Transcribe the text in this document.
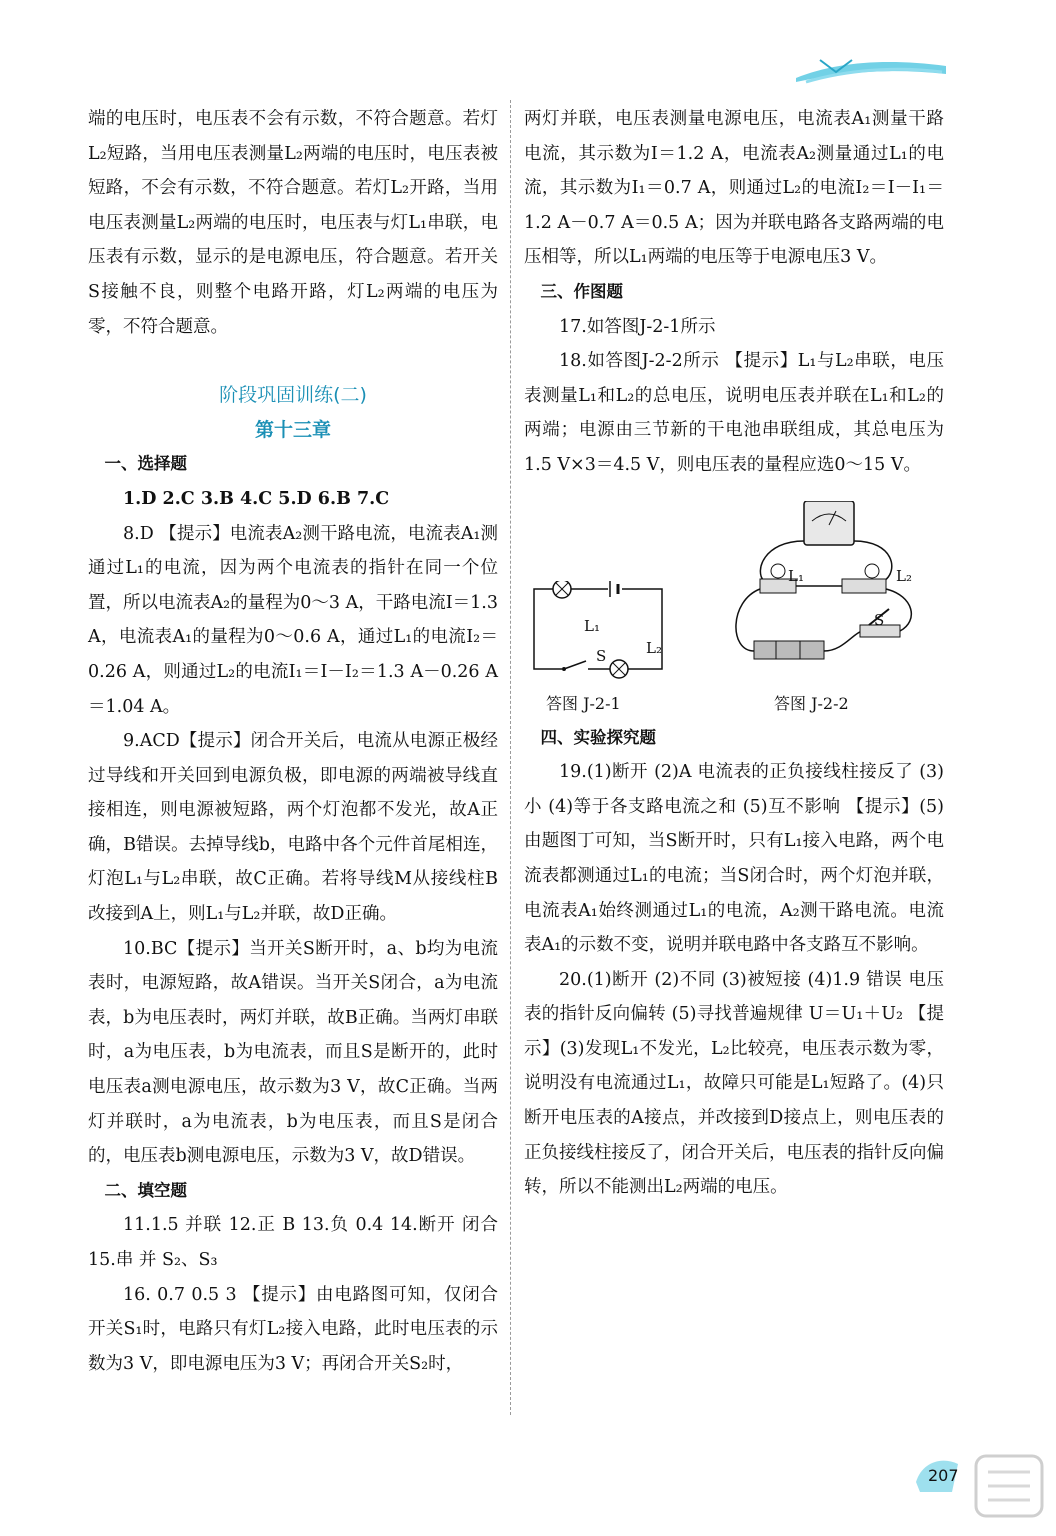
端的电压时，电压表不会有示数，不符合题意。若灯L₂短路，当用电压表测量L₂两端的电压时，电压表被短路，不会有示数，不符合题意。若灯L₂开路，当用电压表测量L₂两端的电压时，电压表与灯L₁串联，电压表有示数，显示的是电源电压，符合题意。若开关S接触不良，则整个电路开路，灯L₂两端的电压为零，不符合题意。

阶段巩固训练(二)

第十三章

一、选择题

1.D 2.C 3.B 4.C 5.D 6.B 7.C

8.D 【提示】电流表A₂测干路电流，电流表A₁测通过L₁的电流，因为两个电流表的指针在同一个位置，所以电流表A₂的量程为0～3 A，干路电流I＝1.3 A，电流表A₁的量程为0～0.6 A，通过L₁的电流I₂＝0.26 A，则通过L₂的电流I₁＝I－I₂＝1.3 A－0.26 A＝1.04 A。

9.ACD【提示】闭合开关后，电流从电源正极经过导线和开关回到电源负极，即电源的两端被导线直接相连，则电源被短路，两个灯泡都不发光，故A正确，B错误。去掉导线b，电路中各个元件首尾相连，灯泡L₁与L₂串联，故C正确。若将导线M从接线柱B改接到A上，则L₁与L₂并联，故D正确。

10.BC【提示】当开关S断开时，a、b均为电流表时，电源短路，故A错误。当开关S闭合，a为电流表，b为电压表时，两灯并联，故B正确。当两灯串联时，a为电压表，b为电流表，而且S是断开的，此时电压表a测电源电压，故示数为3 V，故C正确。当两灯并联时，a为电流表，b为电压表，而且S是闭合的，电压表b测电源电压，示数为3 V，故D错误。

二、填空题

11.1.5 并联 12.正 B 13.负 0.4 14.断开 闭合 15.串 并 S₂、S₃

16. 0.7 0.5 3 【提示】由电路图可知，仅闭合开关S₁时，电路只有灯L₂接入电路，此时电压表的示数为3 V，即电源电压为3 V；再闭合开关S₂时，

两灯并联，电压表测量电源电压，电流表A₁测量干路电流，其示数为I＝1.2 A，电流表A₂测量通过L₁的电流，其示数为I₁＝0.7 A，则通过L₂的电流I₂＝I－I₁＝1.2 A－0.7 A＝0.5 A；因为并联电路各支路两端的电压相等，所以L₁两端的电压等于电源电压3 V。

三、作图题

17.如答图J-2-1所示

18.如答图J-2-2所示 【提示】L₁与L₂串联，电压表测量L₁和L₂的总电压，说明电压表并联在L₁和L₂的两端；电源由三节新的干电池串联组成，其总电压为1.5 V×3＝4.5 V，则电压表的量程应选0～15 V。

L₁
S	L₂
L₁	L₂
S
答图 J-2-1	答图 J-2-2

四、实验探究题

19.(1)断开 (2)A 电流表的正负接线柱接反了 (3)小 (4)等于各支路电流之和 (5)互不影响 【提示】(5)由题图丁可知，当S断开时，只有L₁接入电路，两个电流表都测通过L₁的电流；当S闭合时，两个灯泡并联，电流表A₁始终测通过L₁的电流，A₂测干路电流。电流表A₁的示数不变，说明并联电路中各支路互不影响。

20.(1)断开 (2)不同 (3)被短接 (4)1.9 错误 电压表的指针反向偏转 (5)寻找普遍规律 U＝U₁＋U₂ 【提示】(3)发现L₁不发光，L₂比较亮，电压表示数为零，说明没有电流通过L₁，故障只可能是L₁短路了。(4)只断开电压表的A接点，并改接到D接点上，则电压表的正负接线柱接反了，闭合开关后，电压表的指针反向偏转，所以不能测出L₂两端的电压。

207
